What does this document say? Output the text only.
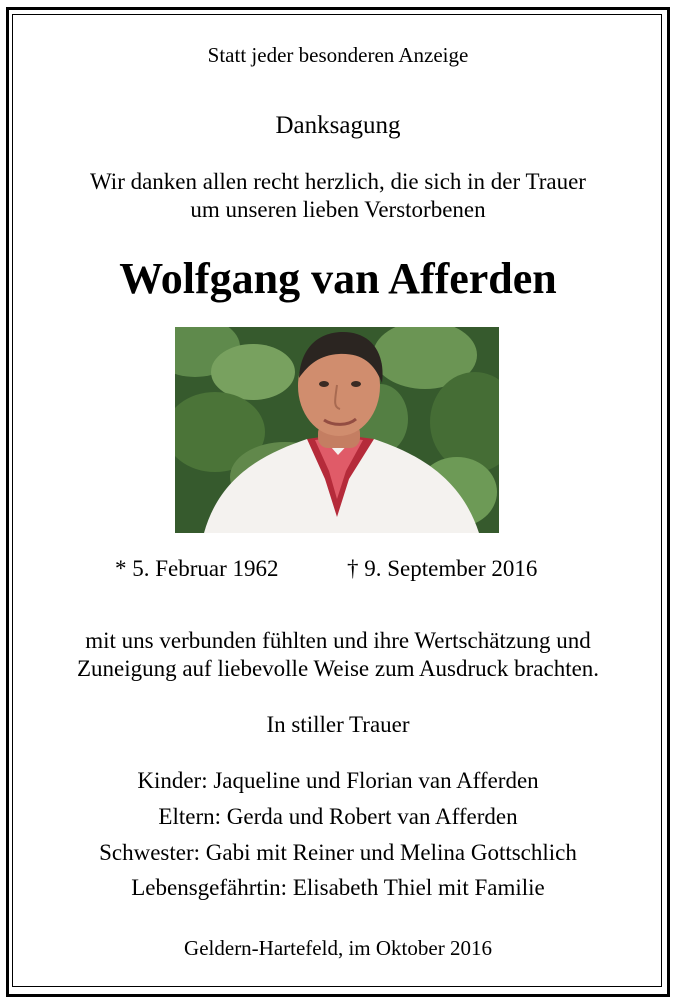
Statt jeder besonderen Anzeige
Danksagung
Wir danken allen recht herzlich, die sich in der Trauer
um unseren lieben Verstorbenen
Wolfgang van Afferden
* 5. Februar 1962	† 9. September 2016
mit uns verbunden fühlten und ihre Wertschätzung und
Zuneigung auf liebevolle Weise zum Ausdruck brachten.
In stiller Trauer
Kinder: Jaqueline und Florian van Afferden
Eltern: Gerda und Robert van Afferden
Schwester: Gabi mit Reiner und Melina Gottschlich
Lebensgefährtin: Elisabeth Thiel mit Familie
Geldern-Hartefeld, im Oktober 2016
